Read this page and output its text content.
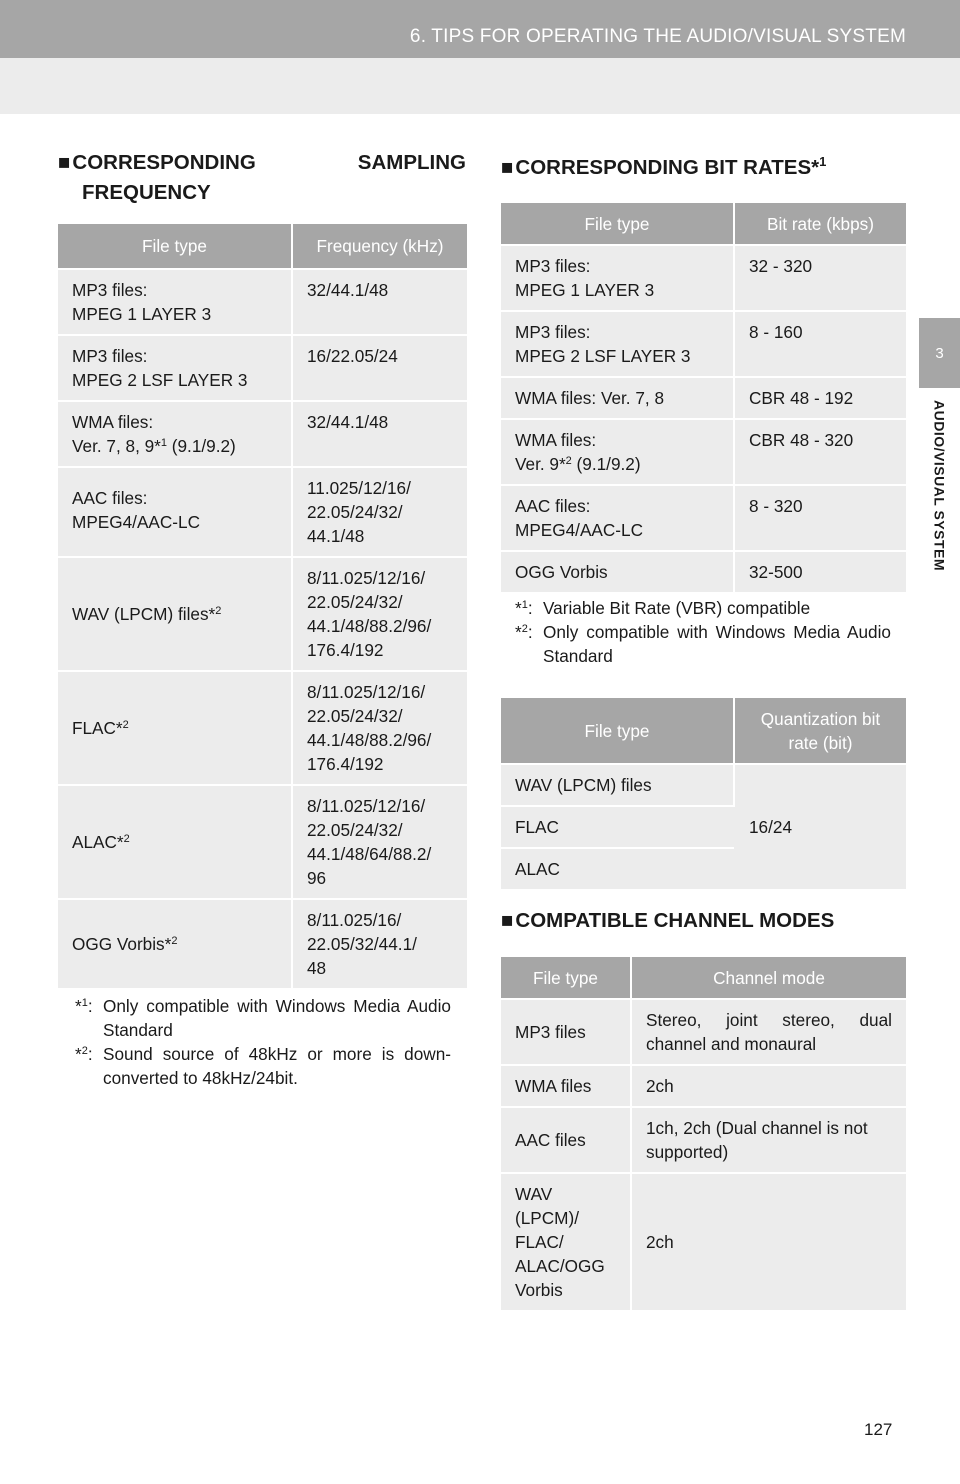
6. TIPS FOR OPERATING THE AUDIO/VISUAL SYSTEM
3
AUDIO/VISUAL SYSTEM
■CORRESPONDING	SAMPLING
FREQUENCY
File type	Frequency (kHz)

MP3 files:
MPEG 1 LAYER 3	32/44.1/48

MP3 files:
MPEG 2 LSF LAYER 3	16/22.05/24

WMA files:
Ver. 7, 8, 9*$^1$ (9.1/9.2)	32/44.1/48

AAC files:
MPEG4/AAC-LC	11.025/12/16/
22.05/24/32/
44.1/48

WAV (LPCM) files*$^2$	8/11.025/12/16/
22.05/24/32/
44.1/48/88.2/96/
176.4/192

FLAC*$^2$	8/11.025/12/16/
22.05/24/32/
44.1/48/88.2/96/
176.4/192

ALAC*$^2$	8/11.025/12/16/
22.05/24/32/
44.1/48/64/88.2/
96

OGG Vorbis*$^2$	8/11.025/16/
22.05/32/44.1/
48
*$^1$: Only compatible with Windows Media Audio Standard
*$^2$: Sound source of 48kHz or more is down-converted to 48kHz/24bit.
■CORRESPONDING BIT RATES*$^1$
File type	Bit rate (kbps)

MP3 files:
MPEG 1 LAYER 3	32 - 320

MP3 files:
MPEG 2 LSF LAYER 3	8 - 160
WMA files: Ver. 7, 8	CBR 48 - 192

WMA files:
Ver. 9*$^2$ (9.1/9.2)	CBR 48 - 320

AAC files:
MPEG4/AAC-LC	8 - 320
OGG Vorbis	32-500
*$^1$: Variable Bit Rate (VBR) compatible
*$^2$: Only compatible with Windows Media Audio Standard
File type	Quantization bit
rate (bit)

WAV (LPCM) files	16/24
FLAC	
ALAC	
■COMPATIBLE CHANNEL MODES
File type	Channel mode
MP3 files	Stereo, joint stereo, dual channel and monaural
WMA files	2ch
AAC files	1ch, 2ch (Dual channel is not supported)

WAV
(LPCM)/
FLAC/
ALAC/OGG
Vorbis	2ch
127
